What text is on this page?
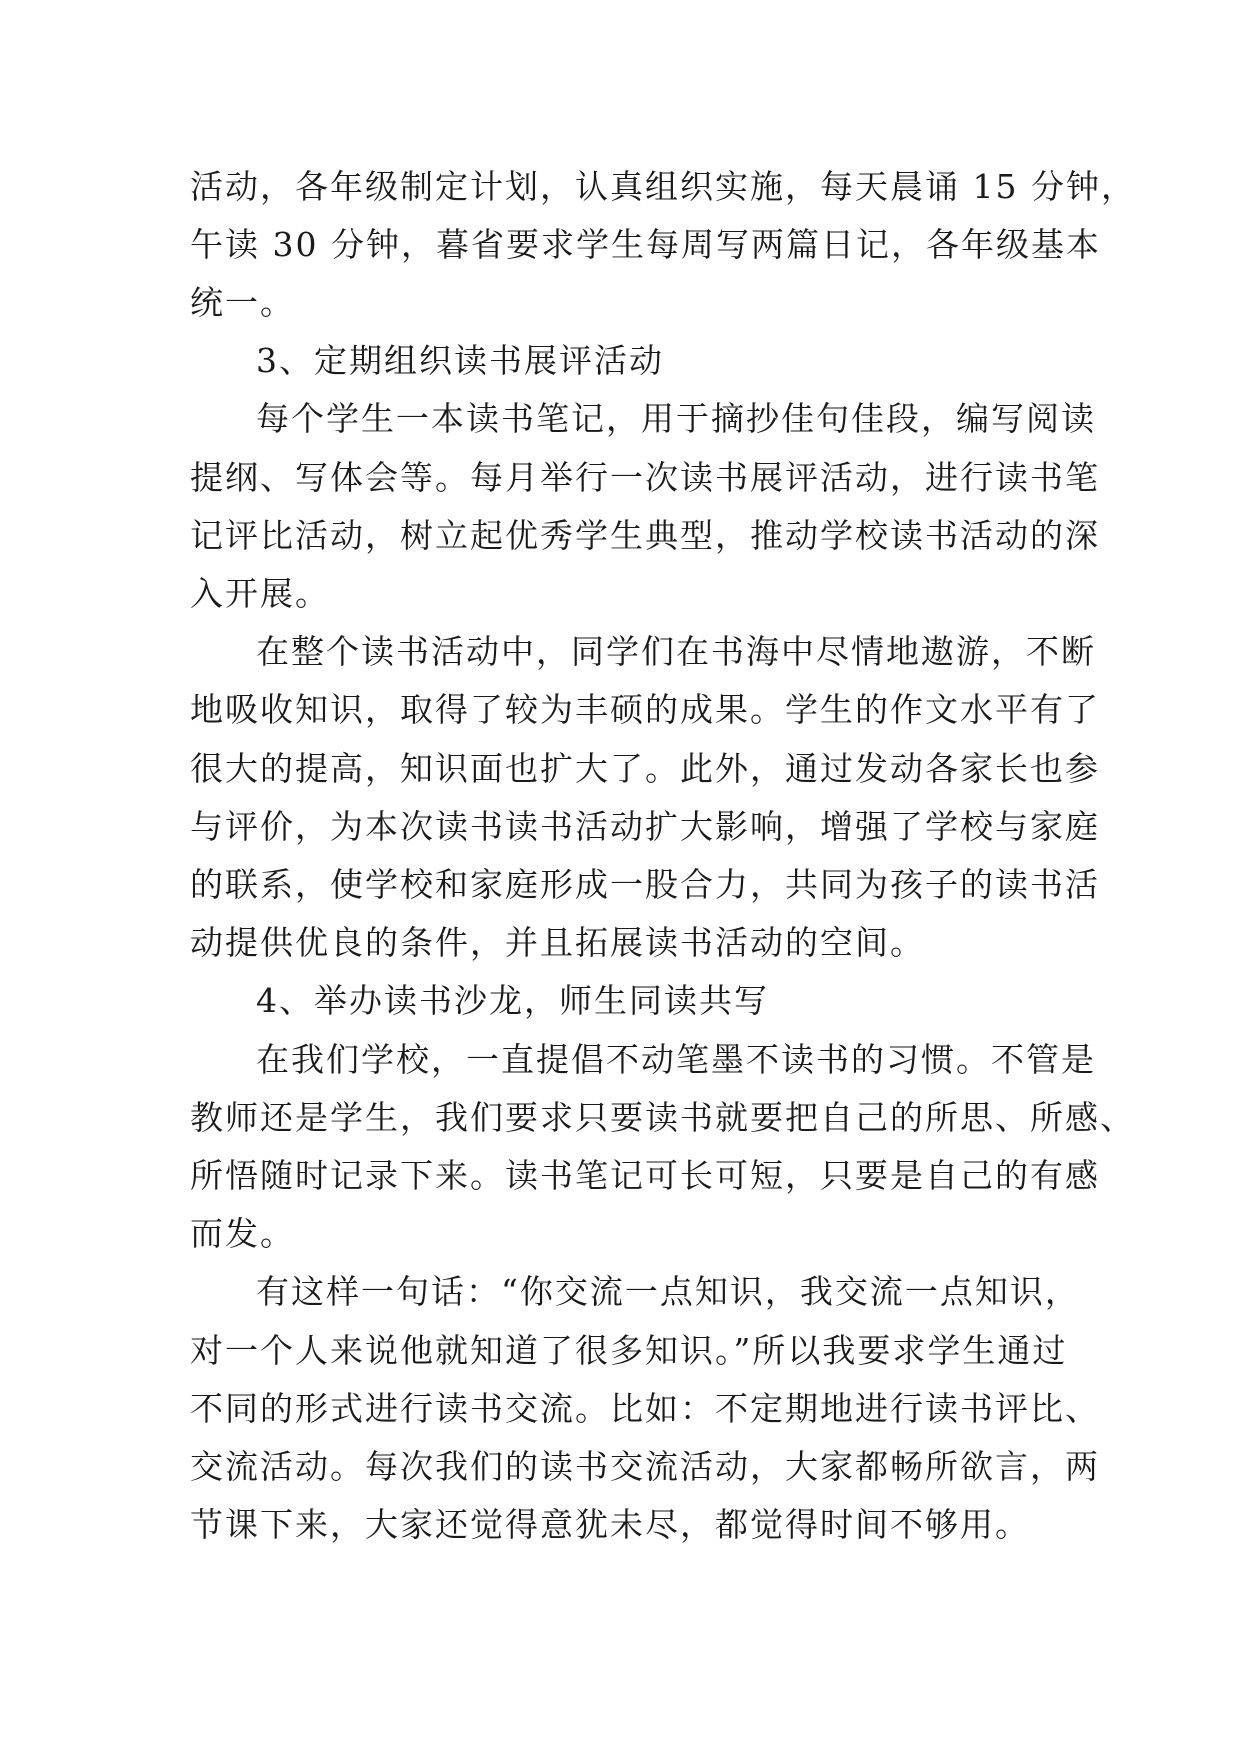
活动，各年级制定计划，认真组织实施，每天晨诵 15 分钟，
午读 30 分钟，暮省要求学生每周写两篇日记，各年级基本
统一。
3、定期组织读书展评活动
每个学生一本读书笔记，用于摘抄佳句佳段，编写阅读
提纲、写体会等。每月举行一次读书展评活动，进行读书笔
记评比活动，树立起优秀学生典型，推动学校读书活动的深
入开展。
在整个读书活动中，同学们在书海中尽情地遨游，不断
地吸收知识，取得了较为丰硕的成果。学生的作文水平有了
很大的提高，知识面也扩大了。此外，通过发动各家长也参
与评价，为本次读书读书活动扩大影响，增强了学校与家庭
的联系，使学校和家庭形成一股合力，共同为孩子的读书活
动提供优良的条件，并且拓展读书活动的空间。
4、举办读书沙龙，师生同读共写
在我们学校，一直提倡不动笔墨不读书的习惯。不管是
教师还是学生，我们要求只要读书就要把自己的所思、所感、
所悟随时记录下来。读书笔记可长可短，只要是自己的有感
而发。
有这样一句话：“你交流一点知识，我交流一点知识，
对一个人来说他就知道了很多知识。”所以我要求学生通过
不同的形式进行读书交流。比如：不定期地进行读书评比、
交流活动。每次我们的读书交流活动，大家都畅所欲言，两
节课下来，大家还觉得意犹未尽，都觉得时间不够用。
